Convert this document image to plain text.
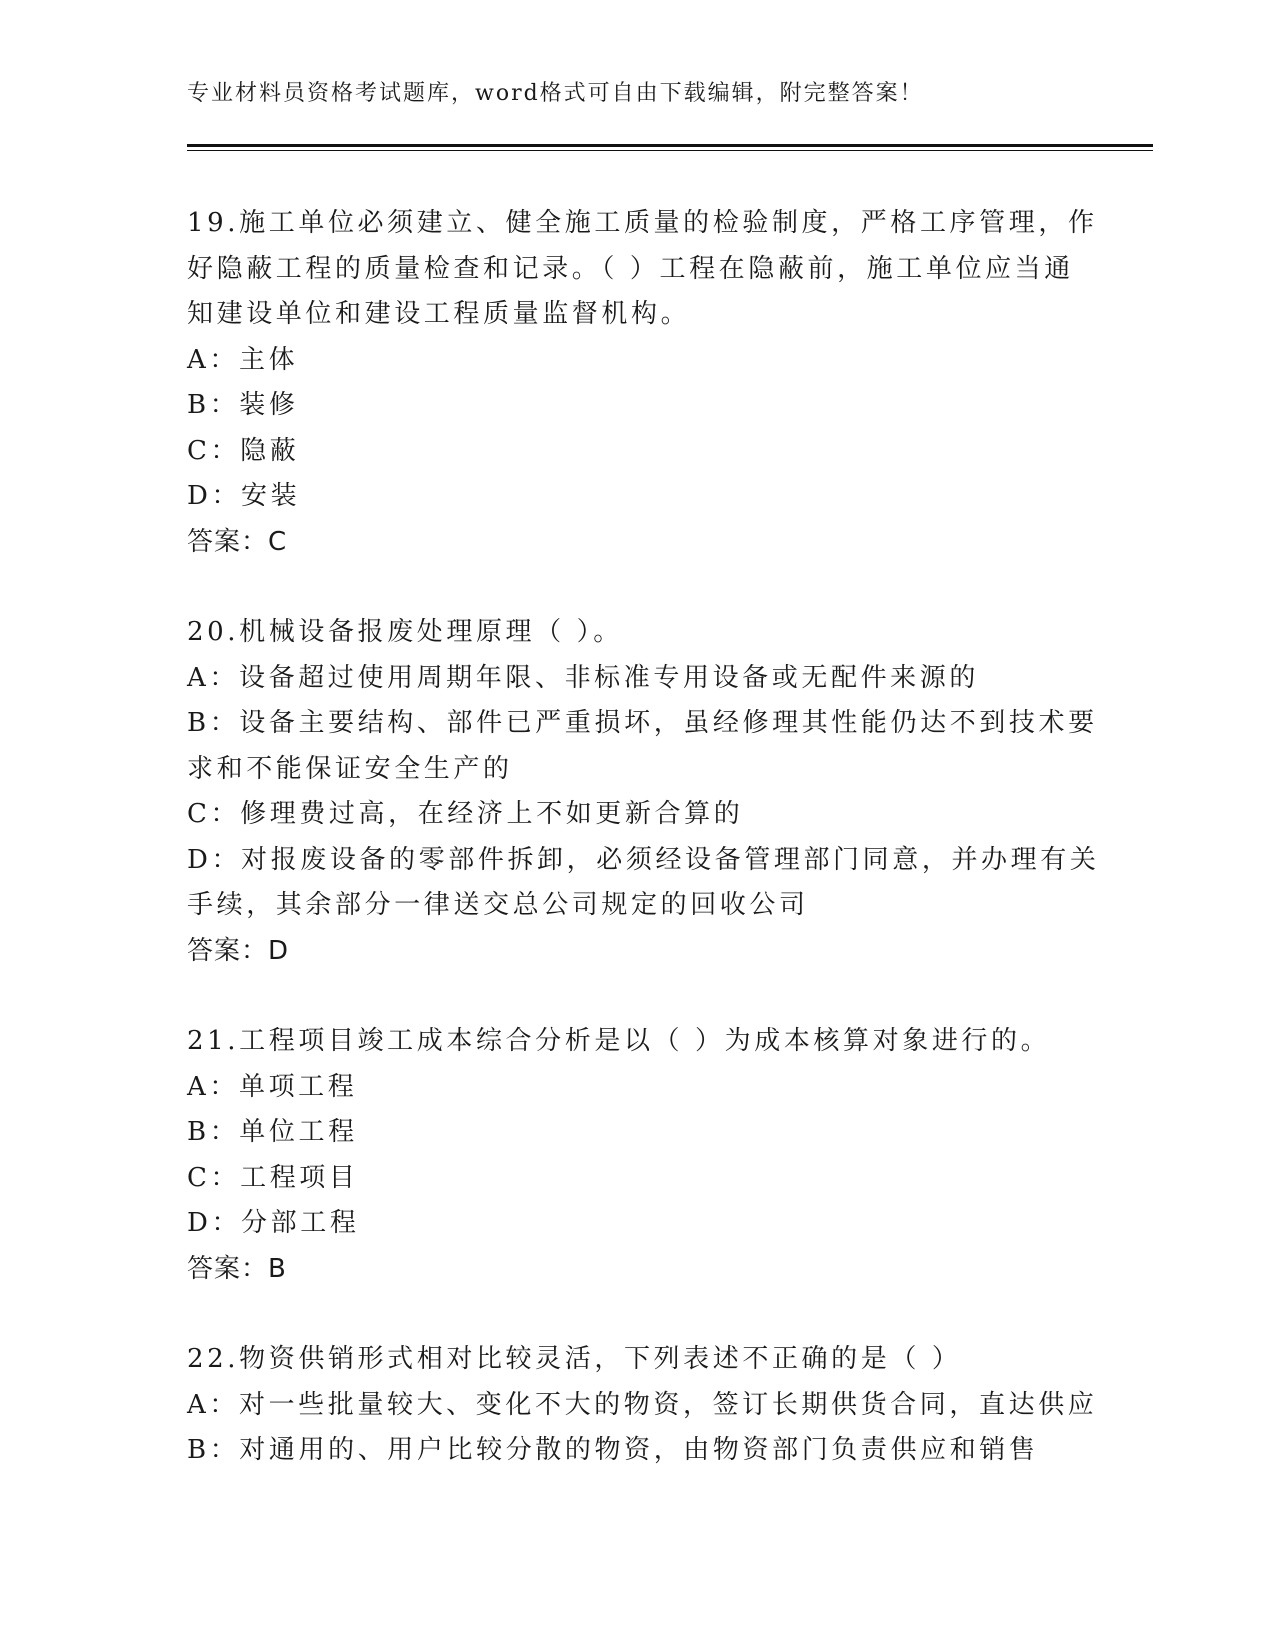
专业材料员资格考试题库，word格式可自由下载编辑，附完整答案！

19.施工单位必须建立、健全施工质量的检验制度，严格工序管理，作

好隐蔽工程的质量检查和记录。（ ）工程在隐蔽前，施工单位应当通

知建设单位和建设工程质量监督机构。

A：主体

B：装修

C：隐蔽

D：安装

答案：C

20.机械设备报废处理原理（ ）。

A：设备超过使用周期年限、非标准专用设备或无配件来源的

B：设备主要结构、部件已严重损坏，虽经修理其性能仍达不到技术要

求和不能保证安全生产的

C：修理费过高，在经济上不如更新合算的

D：对报废设备的零部件拆卸，必须经设备管理部门同意，并办理有关

手续，其余部分一律送交总公司规定的回收公司

答案：D

21.工程项目竣工成本综合分析是以（ ）为成本核算对象进行的。

A：单项工程

B：单位工程

C：工程项目

D：分部工程

答案：B

22.物资供销形式相对比较灵活，下列表述不正确的是（ ）

A：对一些批量较大、变化不大的物资，签订长期供货合同，直达供应

B：对通用的、用户比较分散的物资，由物资部门负责供应和销售
